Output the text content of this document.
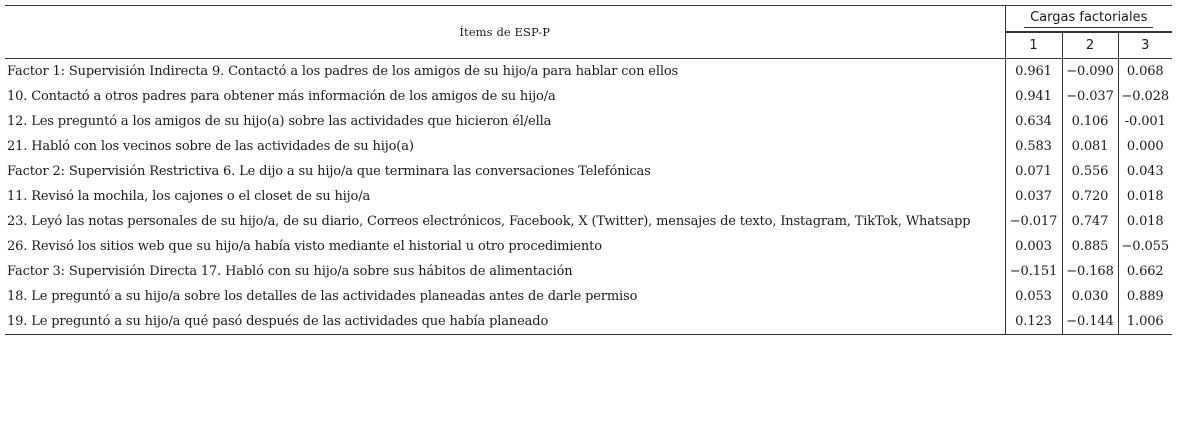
Ítems de ESP-P	Cargas factoriales		
	1	2	3
Factor 1: Supervisión Indirecta 9. Contactó a los padres de los amigos de su hijo/a para hablar con ellos	0.961	−0.090	0.068
10. Contactó a otros padres para obtener más información de los amigos de su hijo/a	0.941	−0.037	−0.028
12. Les preguntó a los amigos de su hijo(a) sobre las actividades que hicieron él/ella	0.634	0.106	-0.001
21. Habló con los vecinos sobre de las actividades de su hijo(a)	0.583	0.081	0.000
Factor 2: Supervisión Restrictiva 6. Le dijo a su hijo/a que terminara las conversaciones Telefónicas	0.071	0.556	0.043
11. Revisó la mochila, los cajones o el closet de su hijo/a	0.037	0.720	0.018
23. Leyó las notas personales de su hijo/a, de su diario, Correos electrónicos, Facebook, X (Twitter), mensajes de texto, Instagram, TikTok, Whatsapp	−0.017	0.747	0.018
26. Revisó los sitios web que su hijo/a había visto mediante el historial u otro procedimiento	0.003	0.885	−0.055
Factor 3: Supervisión Directa 17. Habló con su hijo/a sobre sus hábitos de alimentación	−0.151	−0.168	0.662
18. Le preguntó a su hijo/a sobre los detalles de las actividades planeadas antes de darle permiso	0.053	0.030	0.889
19. Le preguntó a su hijo/a qué pasó después de las actividades que había planeado	0.123	−0.144	1.006
